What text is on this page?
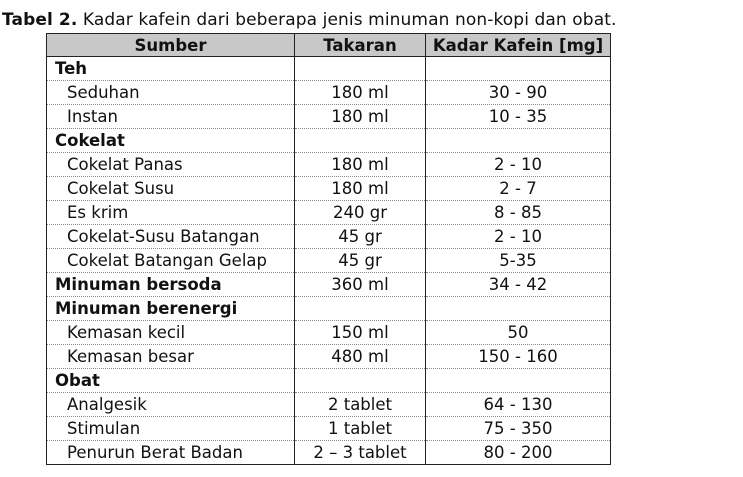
Tabel 2. Kadar kafein dari beberapa jenis minuman non-kopi dan obat.
Sumber	Takaran	Kadar Kafein [mg]
Teh		
Seduhan	180 ml	30 - 90
Instan	180 ml	10 - 35
Cokelat		
Cokelat Panas	180 ml	2 - 10
Cokelat Susu	180 ml	2 - 7
Es krim	240 gr	8 - 85
Cokelat-Susu Batangan	45 gr	2 - 10
Cokelat Batangan Gelap	45 gr	5-35
Minuman bersoda	360 ml	34 - 42
Minuman berenergi		
Kemasan kecil	150 ml	50
Kemasan besar	480 ml	150 - 160
Obat		
Analgesik	2 tablet	64 - 130
Stimulan	1 tablet	75 - 350
Penurun Berat Badan	2 – 3 tablet	80 - 200
